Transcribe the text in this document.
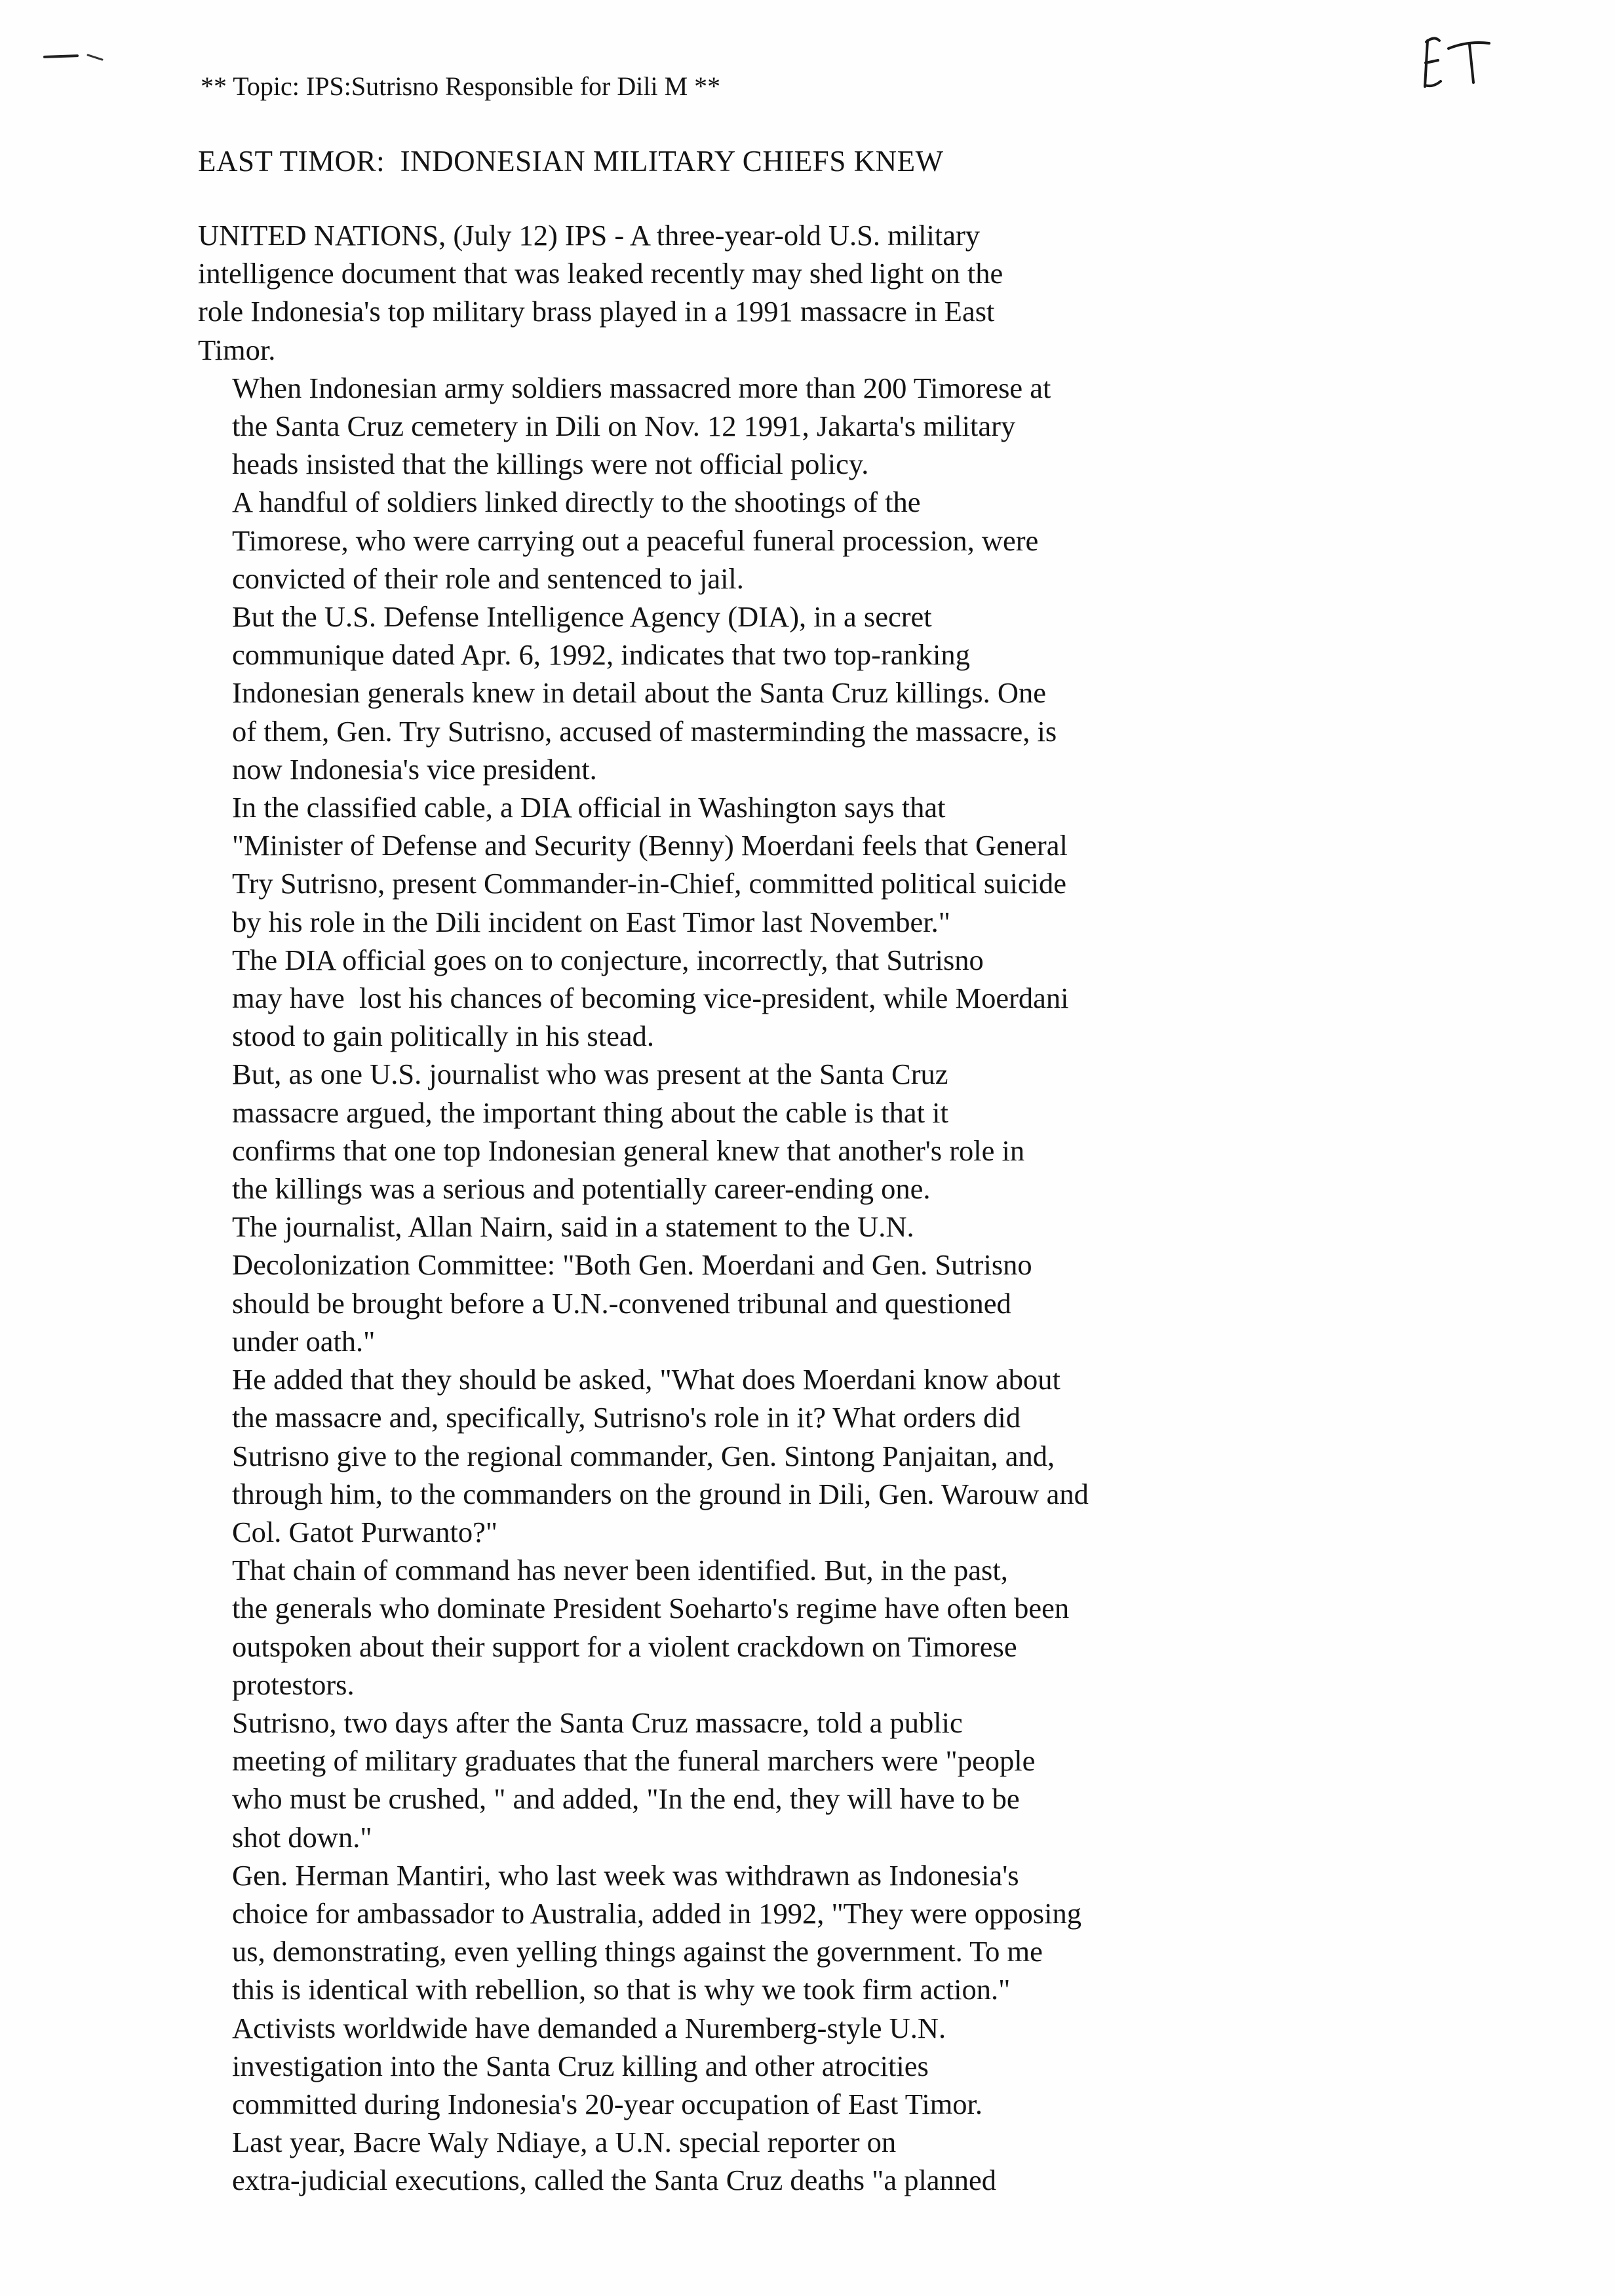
** Topic: IPS:Sutrisno Responsible for Dili M **
EAST TIMOR:  INDONESIAN MILITARY CHIEFS KNEW

UNITED NATIONS, (July 12) IPS - A three-year-old U.S. military
intelligence document that was leaked recently may shed light on the
role Indonesia's top military brass played in a 1991 massacre in East
Timor.

When Indonesian army soldiers massacred more than 200 Timorese at
the Santa Cruz cemetery in Dili on Nov. 12 1991, Jakarta's military
heads insisted that the killings were not official policy.

A handful of soldiers linked directly to the shootings of the
Timorese, who were carrying out a peaceful funeral procession, were
convicted of their role and sentenced to jail.

But the U.S. Defense Intelligence Agency (DIA), in a secret
communique dated Apr. 6, 1992, indicates that two top-ranking
Indonesian generals knew in detail about the Santa Cruz killings. One
of them, Gen. Try Sutrisno, accused of masterminding the massacre, is
now Indonesia's vice president.

In the classified cable, a DIA official in Washington says that
"Minister of Defense and Security (Benny) Moerdani feels that General
Try Sutrisno, present Commander-in-Chief, committed political suicide
by his role in the Dili incident on East Timor last November."

The DIA official goes on to conjecture, incorrectly, that Sutrisno
may have  lost his chances of becoming vice-president, while Moerdani
stood to gain politically in his stead.

But, as one U.S. journalist who was present at the Santa Cruz
massacre argued, the important thing about the cable is that it
confirms that one top Indonesian general knew that another's role in
the killings was a serious and potentially career-ending one.

The journalist, Allan Nairn, said in a statement to the U.N.
Decolonization Committee: "Both Gen. Moerdani and Gen. Sutrisno
should be brought before a U.N.-convened tribunal and questioned
under oath."

He added that they should be asked, "What does Moerdani know about
the massacre and, specifically, Sutrisno's role in it? What orders did
Sutrisno give to the regional commander, Gen. Sintong Panjaitan, and,
through him, to the commanders on the ground in Dili, Gen. Warouw and
Col. Gatot Purwanto?"

That chain of command has never been identified. But, in the past,
the generals who dominate President Soeharto's regime have often been
outspoken about their support for a violent crackdown on Timorese
protestors.

Sutrisno, two days after the Santa Cruz massacre, told a public
meeting of military graduates that the funeral marchers were "people
who must be crushed, " and added, "In the end, they will have to be
shot down."

Gen. Herman Mantiri, who last week was withdrawn as Indonesia's
choice for ambassador to Australia, added in 1992, "They were opposing
us, demonstrating, even yelling things against the government. To me
this is identical with rebellion, so that is why we took firm action."

Activists worldwide have demanded a Nuremberg-style U.N.
investigation into the Santa Cruz killing and other atrocities
committed during Indonesia's 20-year occupation of East Timor.

Last year, Bacre Waly Ndiaye, a U.N. special reporter on
extra-judicial executions, called the Santa Cruz deaths "a planned
